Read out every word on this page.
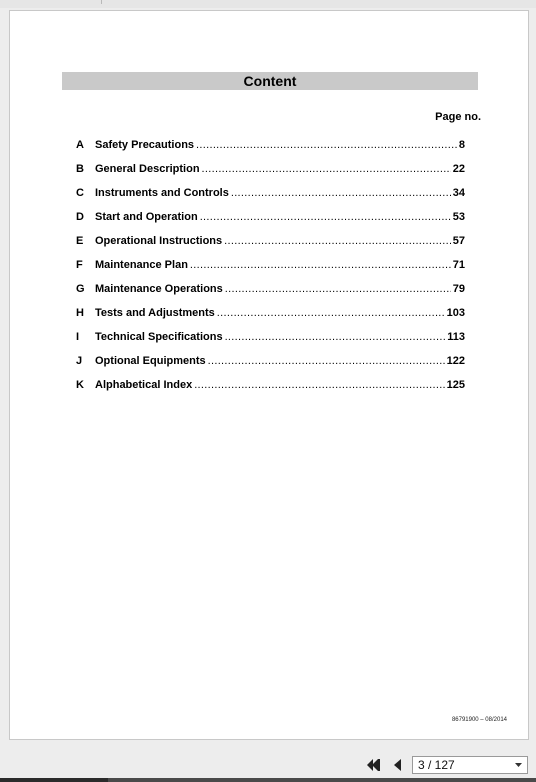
Content
Page no.
A	Safety Precautions .....	8
B	General Description .....	22
C	Instruments and Controls .....	34
D	Start and Operation .....	53
E	Operational Instructions .....	57
F	Maintenance Plan .....	71
G Maintenance Operations .....	79
H	Tests and Adjustments .....	103
I	Technical Specifications .....	113
J	Optional Equipments .....	122
K	Alphabetical Index .....	125
86791900 – 08/2014
3 / 127
